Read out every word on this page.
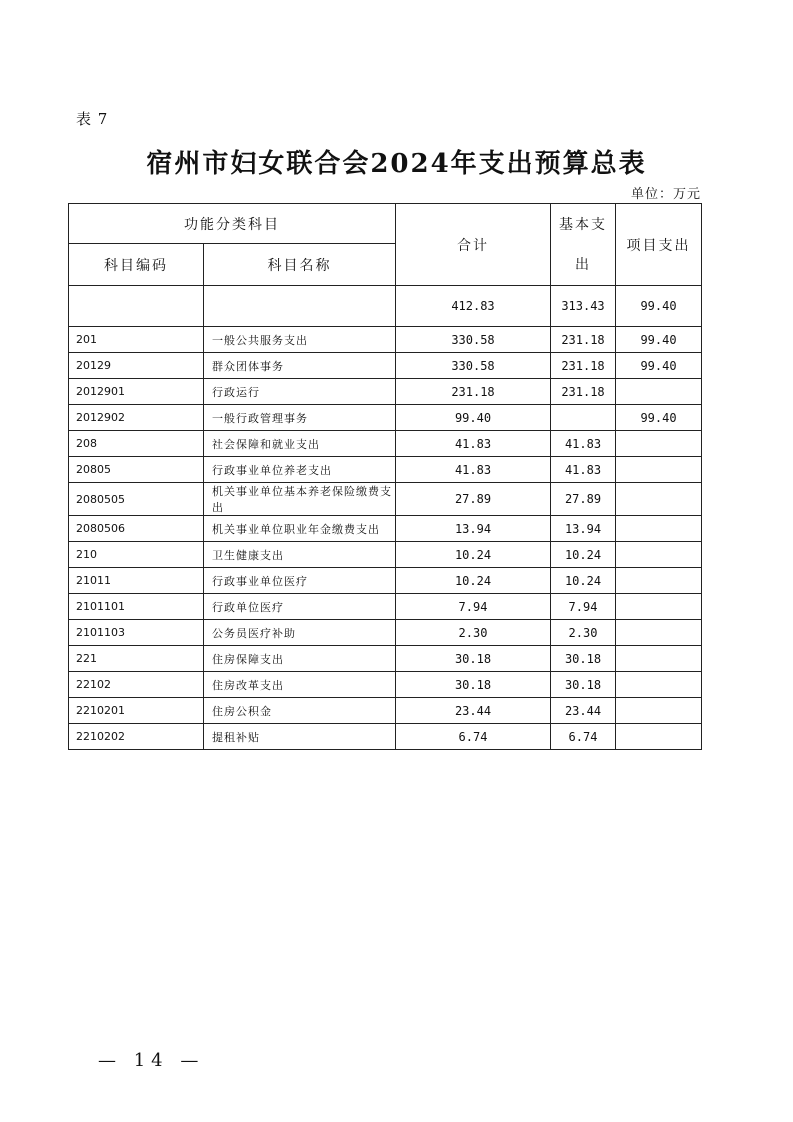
表 7
宿州市妇女联合会2024年支出预算总表
单位：万元
功能分类科目		合计	基本支出	项目支出
科目编码	科目名称			
		412.83	313.43	99.40
201	一般公共服务支出	330.58	231.18	99.40
20129	群众团体事务	330.58	231.18	99.40
2012901	行政运行	231.18	231.18	
2012902	一般行政管理事务	99.40		99.40
208	社会保障和就业支出	41.83	41.83	
20805	行政事业单位养老支出	41.83	41.83	
2080505	机关事业单位基本养老保险缴费支出	27.89	27.89	
2080506	机关事业单位职业年金缴费支出	13.94	13.94	
210	卫生健康支出	10.24	10.24	
21011	行政事业单位医疗	10.24	10.24	
2101101	行政单位医疗	7.94	7.94	
2101103	公务员医疗补助	2.30	2.30	
221	住房保障支出	30.18	30.18	
22102	住房改革支出	30.18	30.18	
2210201	住房公积金	23.44	23.44	
2210202	提租补贴	6.74	6.74	
— 14 —
